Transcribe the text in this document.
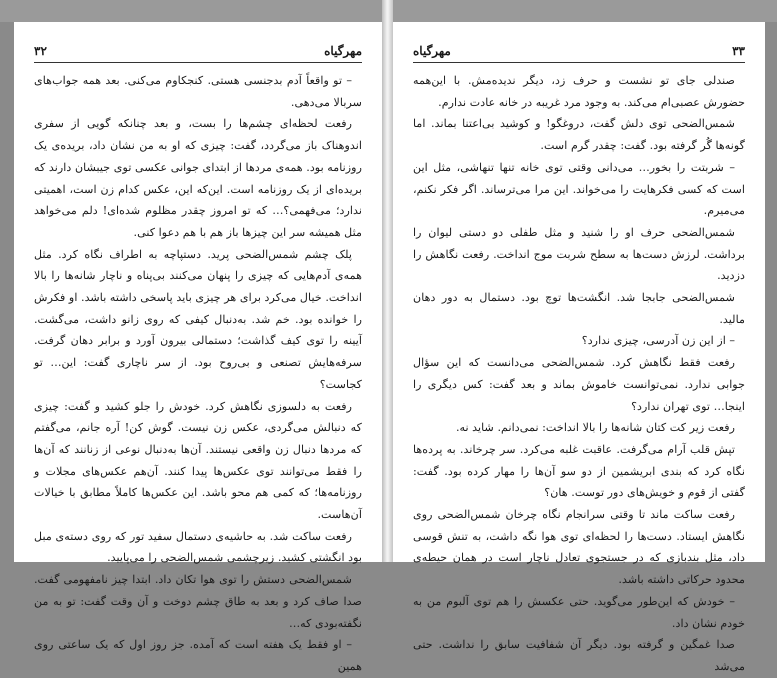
مهرگیاه
۳۲

– تو واقعاً آدم بدجنسی هستی. کنجکاوم می‌کنی. بعد همه جواب‌های سربالا می‌دهی.

رفعت لحظه‌ای چشم‌ها را بست، و بعد چنانکه گویی از سفری اندوهناک باز می‌گردد، گفت: چیزی که او به من نشان داد، بریده‌ی یک روزنامه بود. همه‌ی مردها از ابتدای جوانی عکسی توی جیبشان دارند که بریده‌ای از یک روزنامه است. این‌که این، عکس کدام زن است، اهمیتی ندارد؛ می‌فهمی؟… که تو امروز چقدر مظلوم شده‌ای! دلم می‌خواهد مثل همیشه سر این چیزها باز هم با هم دعوا کنی.

پلک چشم شمس‌الضحی پرید. دستپاچه به اطراف نگاه کرد. مثل همه‌ی آدم‌هایی که چیزی را پنهان می‌کنند بی‌پناه و ناچار شانه‌ها را بالا انداخت. خیال می‌کرد برای هر چیزی باید پاسخی داشته باشد. او فکرش را خوانده بود. خم شد. به‌دنبال کیفی که روی زانو داشت، می‌گشت. آیینه را توی کیف گذاشت؛ دستمالی بیرون آورد و برابر دهان گرفت. سرفه‌هایش تصنعی و بی‌روح بود. از سر ناچاری گفت: این… تو کجاست؟

رفعت به دلسوزی نگاهش کرد. خودش را جلو کشید و گفت: چیزی که دنبالش می‌گردی، عکس زن نیست. گوش کن! آره جانم، می‌گفتم که مردها دنبال زن واقعی نیستند. آن‌ها به‌دنبال نوعی از زنانند که آن‌ها را فقط می‌توانند توی عکس‌ها پیدا کنند. آن‌هم عکس‌های مجلات و روزنامه‌ها؛ که کمی هم محو باشد. این عکس‌ها کاملاً مطابق با خیالات آن‌هاست.

رفعت ساکت شد. به حاشیه‌ی دستمال سفید تور که روی دسته‌ی مبل بود انگشتی کشید. زیرچشمی شمس‌الضحی را می‌پایید.

شمس‌الضحی دستش را توی هوا تکان داد. ابتدا چیز نامفهومی گفت. صدا صاف کرد و بعد به طاق چشم دوخت و آن وقت گفت: تو به من نگفته‌بودی که…

– او فقط یک هفته است که آمده. جز روز اول که یک ساعتی روی همین

۳۳
مهرگیاه

صندلی جای تو نشست و حرف زد، دیگر ندیده‌مش. با این‌همه حضورش عصبی‌ام می‌کند. به وجود مرد غریبه در خانه عادت ندارم.

شمس‌الضحی توی دلش گفت، دروغگو! و کوشید بی‌اعتنا بماند. اما گونه‌ها گُر گرفته بود. گفت: چقدر گرم است.

– شربتت را بخور… می‌دانی وقتی توی خانه تنها تنهاشی، مثل این است که کسی فکرهایت را می‌خواند. این مرا می‌ترساند. اگر فکر نکنم، می‌میرم.

شمس‌الضحی حرف او را شنید و مثل طفلی دو دستی لیوان را برداشت. لرزش دست‌ها به سطح شربت موج انداخت. رفعت نگاهش را دزدید.

شمس‌الضحی جابجا شد. انگشت‌ها توچ بود. دستمال به دور دهان مالید.

– از این زن آدرسی، چیزی ندارد؟

رفعت فقط نگاهش کرد. شمس‌الضحی می‌دانست که این سؤال جوابی ندارد. نمی‌توانست خاموش بماند و بعد گفت: کس دیگری را اینجا… توی تهران ندارد؟

رفعت زیر کت کتان شانه‌ها را بالا انداخت: نمی‌دانم. شاید نه.

تپش قلب آرام می‌گرفت. عاقبت غلبه می‌کرد. سر چرخاند. به پرده‌ها نگاه کرد که بندی ابریشمین از دو سو آن‌ها را مهار کرده بود. گفت: گفتی از قوم و خویش‌های دور توست. هان؟

رفعت ساکت ماند تا وقتی سرانجام نگاه چرخان شمس‌الضحی روی نگاهش ایستاد. دست‌ها را لحظه‌ای توی هوا نگه داشت، به تنش قوسی داد، مثل بندبازی که در جستجوی تعادل ناچار است در همان حیطه‌ی محدود حرکاتی داشته باشد.

– خودش که این‌طور می‌گوید. حتی عکسش را هم توی آلبوم من به خودم نشان داد.

صدا غمگین و گرفته بود. دیگر آن شفافیت سابق را نداشت. حتی می‌شد
